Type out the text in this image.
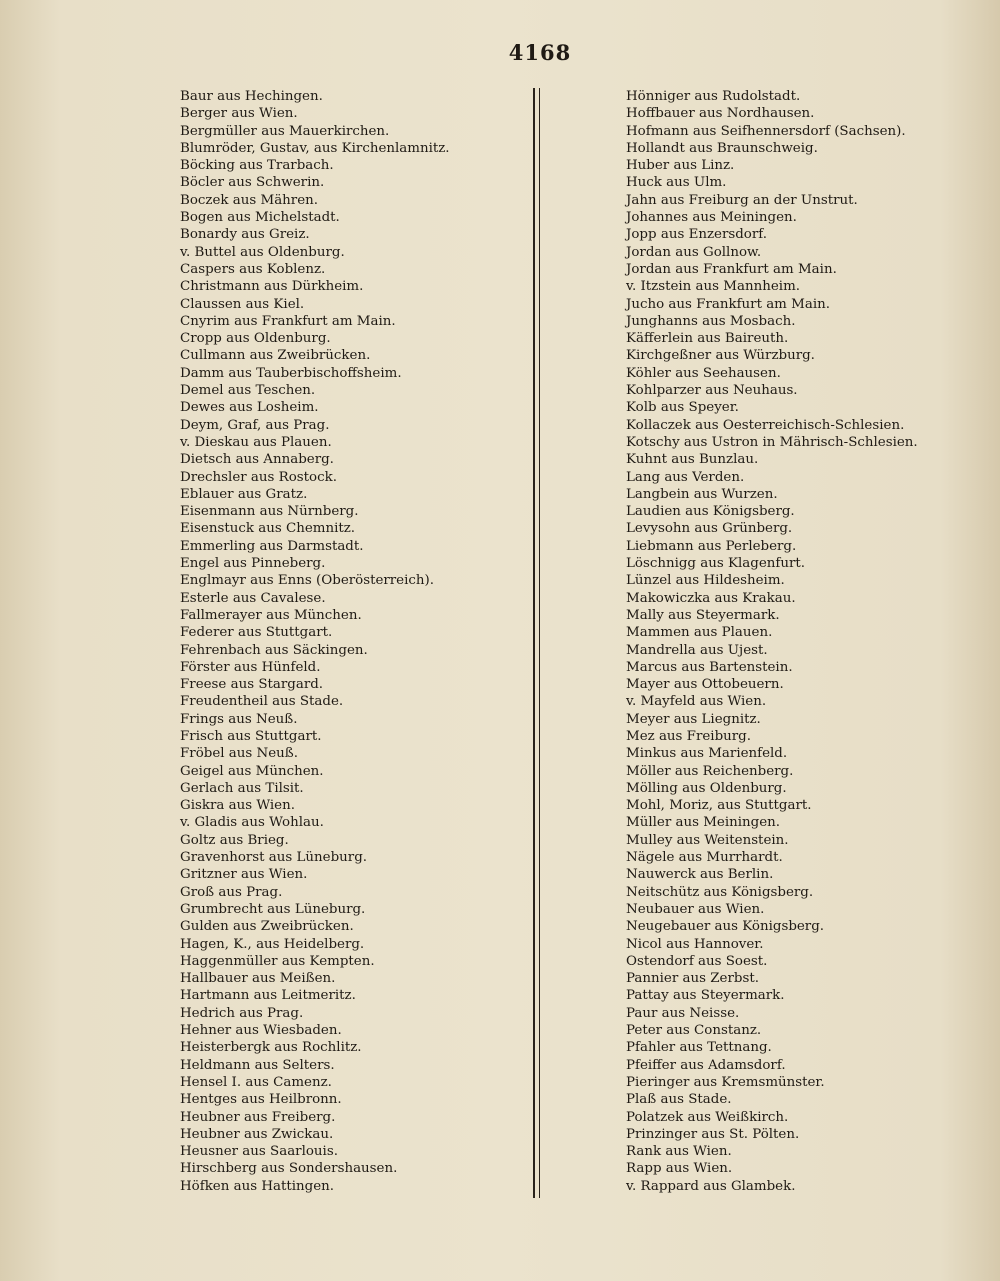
4168
Baur aus Hechingen.
Berger aus Wien.
Bergmüller aus Mauerkirchen.
Blumröder, Gustav, aus Kirchenlamnitz.
Böcking aus Trarbach.
Böcler aus Schwerin.
Boczek aus Mähren.
Bogen aus Michelstadt.
Bonardy aus Greiz.
v. Buttel aus Oldenburg.
Caspers aus Koblenz.
Christmann aus Dürkheim.
Claussen aus Kiel.
Cnyrim aus Frankfurt am Main.
Cropp aus Oldenburg.
Cullmann aus Zweibrücken.
Damm aus Tauberbischoffsheim.
Demel aus Teschen.
Dewes aus Losheim.
Deym, Graf, aus Prag.
v. Dieskau aus Plauen.
Dietsch aus Annaberg.
Drechsler aus Rostock.
Eblauer aus Gratz.
Eisenmann aus Nürnberg.
Eisenstuck aus Chemnitz.
Emmerling aus Darmstadt.
Engel aus Pinneberg.
Englmayr aus Enns (Oberösterreich).
Esterle aus Cavalese.
Fallmerayer aus München.
Federer aus Stuttgart.
Fehrenbach aus Säckingen.
Förster aus Hünfeld.
Freese aus Stargard.
Freudentheil aus Stade.
Frings aus Neuß.
Frisch aus Stuttgart.
Fröbel aus Neuß.
Geigel aus München.
Gerlach aus Tilsit.
Giskra aus Wien.
v. Gladis aus Wohlau.
Goltz aus Brieg.
Gravenhorst aus Lüneburg.
Gritzner aus Wien.
Groß aus Prag.
Grumbrecht aus Lüneburg.
Gulden aus Zweibrücken.
Hagen, K., aus Heidelberg.
Haggenmüller aus Kempten.
Hallbauer aus Meißen.
Hartmann aus Leitmeritz.
Hedrich aus Prag.
Hehner aus Wiesbaden.
Heisterbergk aus Rochlitz.
Heldmann aus Selters.
Hensel I. aus Camenz.
Hentges aus Heilbronn.
Heubner aus Freiberg.
Heubner aus Zwickau.
Heusner aus Saarlouis.
Hirschberg aus Sondershausen.
Höfken aus Hattingen.
Hönniger aus Rudolstadt.
Hoffbauer aus Nordhausen.
Hofmann aus Seifhennersdorf (Sachsen).
Hollandt aus Braunschweig.
Huber aus Linz.
Huck aus Ulm.
Jahn aus Freiburg an der Unstrut.
Johannes aus Meiningen.
Jopp aus Enzersdorf.
Jordan aus Gollnow.
Jordan aus Frankfurt am Main.
v. Itzstein aus Mannheim.
Jucho aus Frankfurt am Main.
Junghanns aus Mosbach.
Käfferlein aus Baireuth.
Kirchgeßner aus Würzburg.
Köhler aus Seehausen.
Kohlparzer aus Neuhaus.
Kolb aus Speyer.
Kollaczek aus Oesterreichisch-Schlesien.
Kotschy aus Ustron in Mährisch-Schlesien.
Kuhnt aus Bunzlau.
Lang aus Verden.
Langbein aus Wurzen.
Laudien aus Königsberg.
Levysohn aus Grünberg.
Liebmann aus Perleberg.
Löschnigg aus Klagenfurt.
Lünzel aus Hildesheim.
Makowiczka aus Krakau.
Mally aus Steyermark.
Mammen aus Plauen.
Mandrella aus Ujest.
Marcus aus Bartenstein.
Mayer aus Ottobeuern.
v. Mayfeld aus Wien.
Meyer aus Liegnitz.
Mez aus Freiburg.
Minkus aus Marienfeld.
Möller aus Reichenberg.
Mölling aus Oldenburg.
Mohl, Moriz, aus Stuttgart.
Müller aus Meiningen.
Mulley aus Weitenstein.
Nägele aus Murrhardt.
Nauwerck aus Berlin.
Neitschütz aus Königsberg.
Neubauer aus Wien.
Neugebauer aus Königsberg.
Nicol aus Hannover.
Ostendorf aus Soest.
Pannier aus Zerbst.
Pattay aus Steyermark.
Paur aus Neisse.
Peter aus Constanz.
Pfahler aus Tettnang.
Pfeiffer aus Adamsdorf.
Pieringer aus Kremsmünster.
Plaß aus Stade.
Polatzek aus Weißkirch.
Prinzinger aus St. Pölten.
Rank aus Wien.
Rapp aus Wien.
v. Rappard aus Glambek.
